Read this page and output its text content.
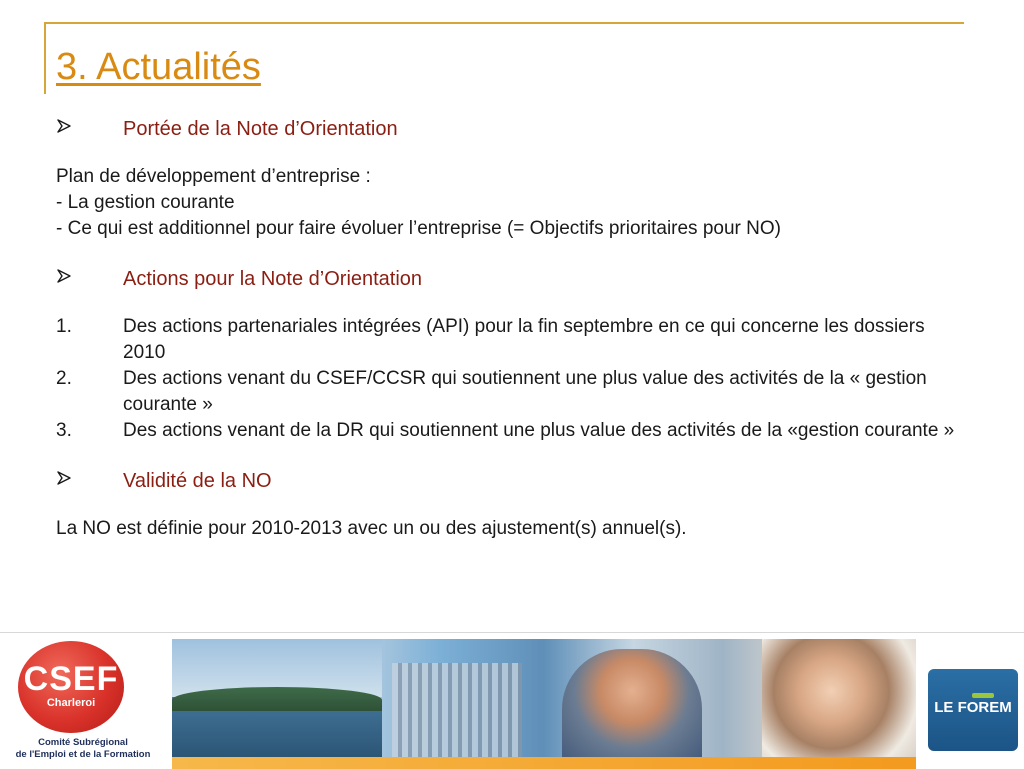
3. Actualités
Portée de la Note d’Orientation

Plan de développement d’entreprise :

- La gestion courante

- Ce qui est additionnel pour faire évoluer l’entreprise (= Objectifs prioritaires pour NO)

Actions pour la Note d’Orientation
1.	Des actions partenariales intégrées (API) pour la fin septembre en ce qui concerne les dossiers 2010
2.	Des actions venant du CSEF/CCSR qui soutiennent une plus value des activités de la « gestion courante »
3.	Des actions venant de la DR qui soutiennent une plus value des activités de la «gestion courante »
Validité de la NO

La NO est définie pour 2010-2013 avec un ou des ajustement(s) annuel(s).

CSEF
Charleroi
Comité Subrégional
de l'Emploi et de la Formation
LE FOREM
